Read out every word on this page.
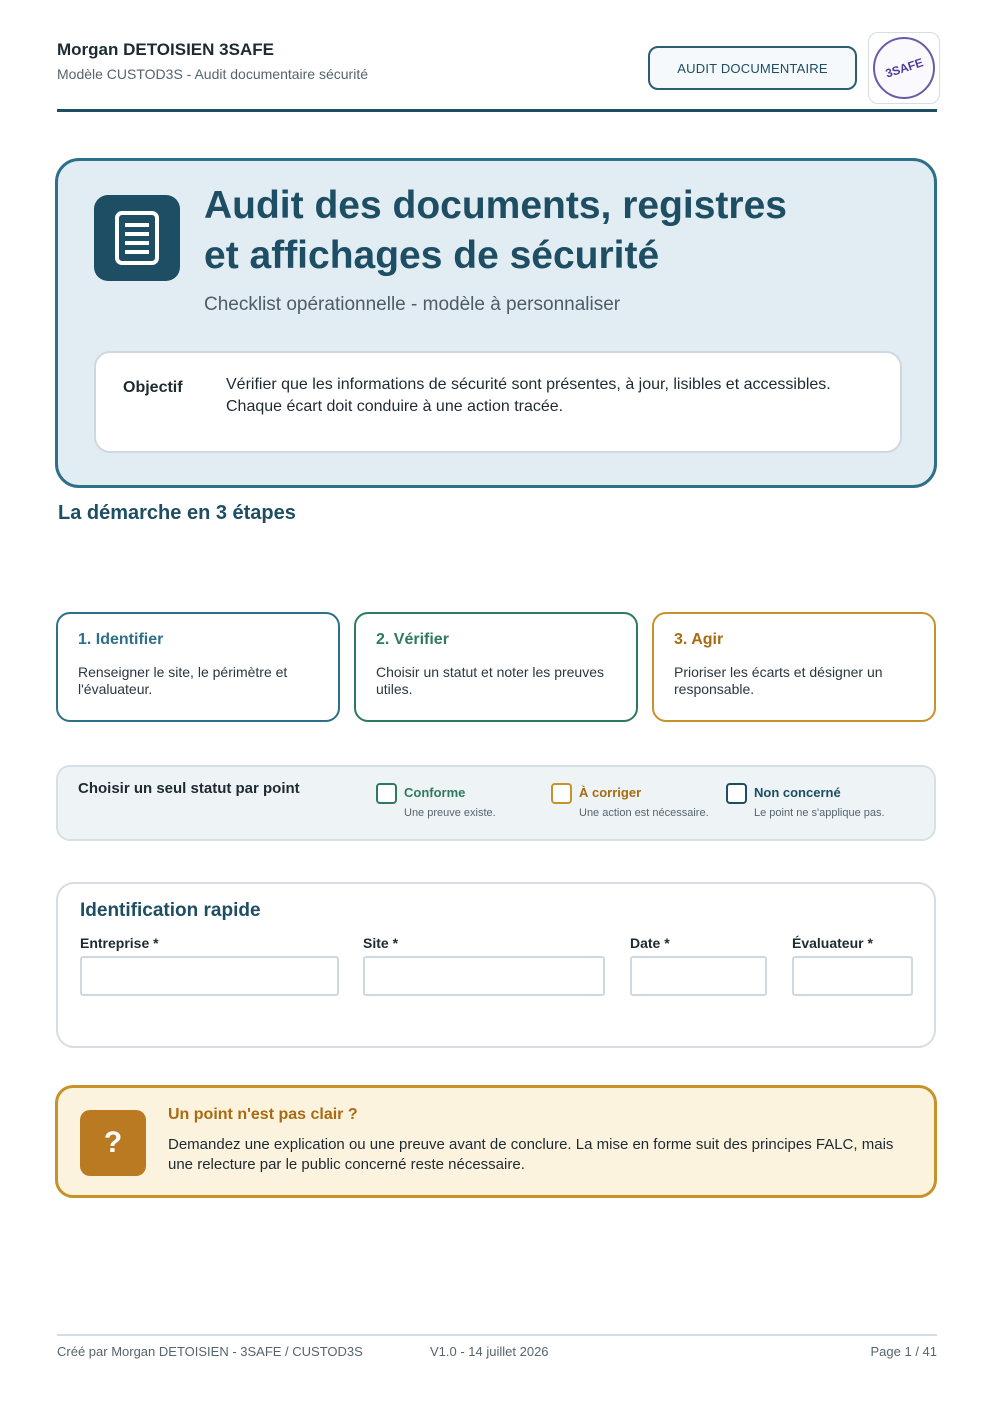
Morgan DETOISIEN 3SAFE
Modèle CUSTOD3S - Audit documentaire sécurité	AUDIT DOCUMENTAIRE	3SAFE
Audit des documents, registres
et affichages de sécurité
Checklist opérationnelle - modèle à personnaliser
Objectif	Vérifier que les informations de sécurité sont présentes, à jour, lisibles et accessibles.
Chaque écart doit conduire à une action tracée.
La démarche en 3 étapes
1. Identifier
Renseigner le site, le périmètre et l'évaluateur.
2. Vérifier
Choisir un statut et noter les preuves utiles.
3. Agir
Prioriser les écarts et désigner un responsable.
Choisir un seul statut par point	Conforme
Une preuve existe.
À corriger
Une action est nécessaire.
Non concerné
Le point ne s'applique pas.
Identification rapide
Entreprise *	Site *	Date *	Évaluateur *
?
Un point n'est pas clair ?
Demandez une explication ou une preuve avant de conclure. La mise en forme suit des principes FALC, mais
une relecture par le public concerné reste nécessaire.
Créé par Morgan DETOISIEN - 3SAFE / CUSTOD3S	V1.0 - 14 juillet 2026	Page 1 / 41
